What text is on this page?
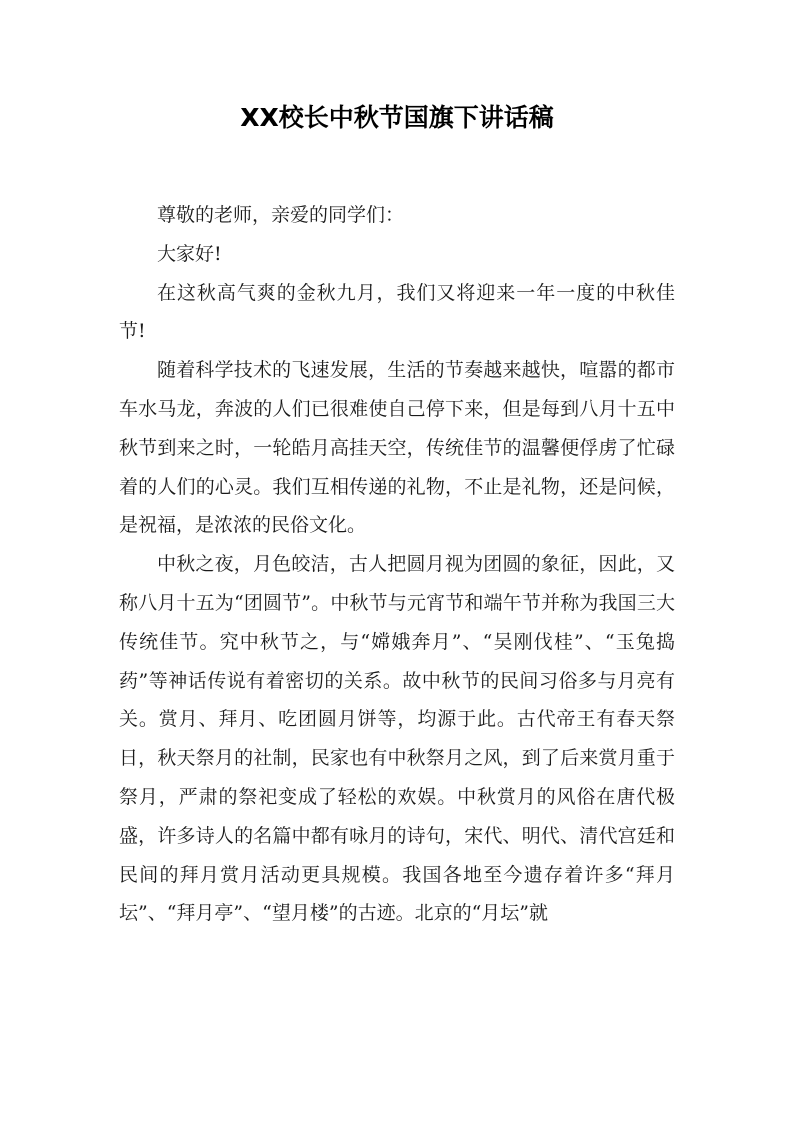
XX校长中秋节国旗下讲话稿

尊敬的老师，亲爱的同学们：

大家好!

在这秋高气爽的金秋九月，我们又将迎来一年一度的中秋佳节!

随着科学技术的飞速发展，生活的节奏越来越快，喧嚣的都市车水马龙，奔波的人们已很难使自己停下来，但是每到八月十五中秋节到来之时，一轮皓月高挂天空，传统佳节的温馨便俘虏了忙碌着的人们的心灵。我们互相传递的礼物，不止是礼物，还是问候，是祝福，是浓浓的民俗文化。

中秋之夜，月色皎洁，古人把圆月视为团圆的象征，因此，又称八月十五为“团圆节”。中秋节与元宵节和端午节并称为我国三大传统佳节。究中秋节之，与“嫦娥奔月”、“吴刚伐桂”、“玉兔捣药”等神话传说有着密切的关系。故中秋节的民间习俗多与月亮有关。赏月、拜月、吃团圆月饼等，均源于此。古代帝王有春天祭日，秋天祭月的社制，民家也有中秋祭月之风，到了后来赏月重于祭月，严肃的祭祀变成了轻松的欢娱。中秋赏月的风俗在唐代极盛，许多诗人的名篇中都有咏月的诗句，宋代、明代、清代宫廷和民间的拜月赏月活动更具规模。我国各地至今遗存着许多“拜月坛”、“拜月亭”、“望月楼”的古迹。北京的“月坛”就
